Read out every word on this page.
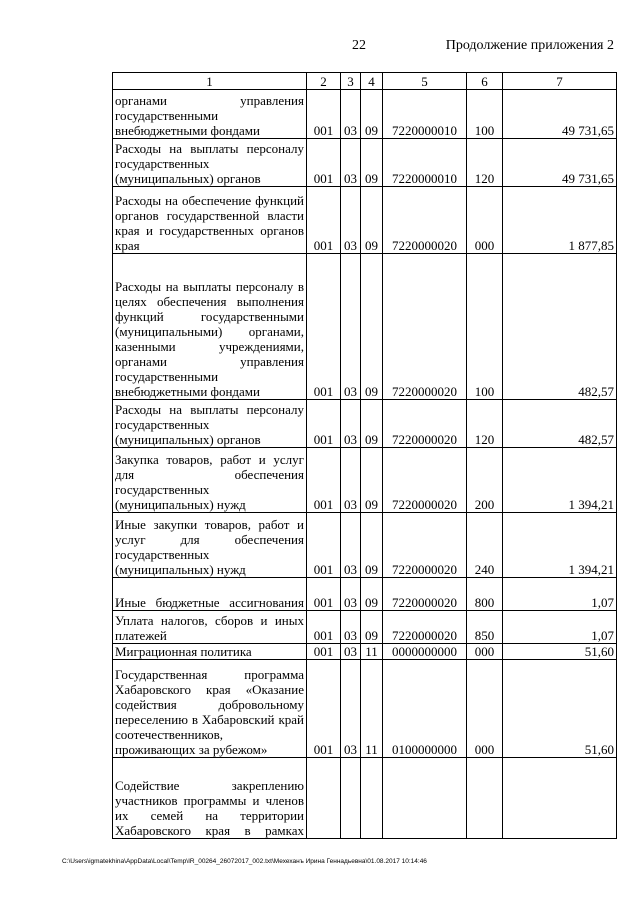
22	Продолжение приложения 2
1	2	3	4	5	6	7
органами управления государственными внебюджетными фондами	001	03	09	7220000010	100	49 731,65
Расходы на выплаты персоналу государственных (муниципальных) органов	001	03	09	7220000010	120	49 731,65
Расходы на обеспечение функций органов государственной власти края и государственных органов края	001	03	09	7220000020	000	1 877,85
Расходы на выплаты персоналу в целях обеспечения выполнения функций государственными (муниципальными) органами, казенными учреждениями, органами управления государственными внебюджетными фондами	001	03	09	7220000020	100	482,57
Расходы на выплаты персоналу государственных (муниципальных) органов	001	03	09	7220000020	120	482,57
Закупка товаров, работ и услуг для обеспечения государственных (муниципальных) нужд	001	03	09	7220000020	200	1 394,21
Иные закупки товаров, работ и услуг для обеспечения государственных (муниципальных) нужд	001	03	09	7220000020	240	1 394,21
Иные бюджетные ассигнования	001	03	09	7220000020	800	1,07
Уплата налогов, сборов и иных платежей	001	03	09	7220000020	850	1,07
Миграционная политика	001	03	11	0000000000	000	51,60
Государственная программа Хабаровского края «Оказание содействия добровольному переселению в Хабаровский край соотечественников, проживающих за рубежом»	001	03	11	0100000000	000	51,60
Содействие закреплению участников программы и членов их семей на территории Хабаровского края в рамках						
C:\Users\igmatekhina\AppData\Local\Temp\IR_00264_26072017_002.txt\Мехеханъ Ирина Геннадьевна\01.08.2017 10:14:46
